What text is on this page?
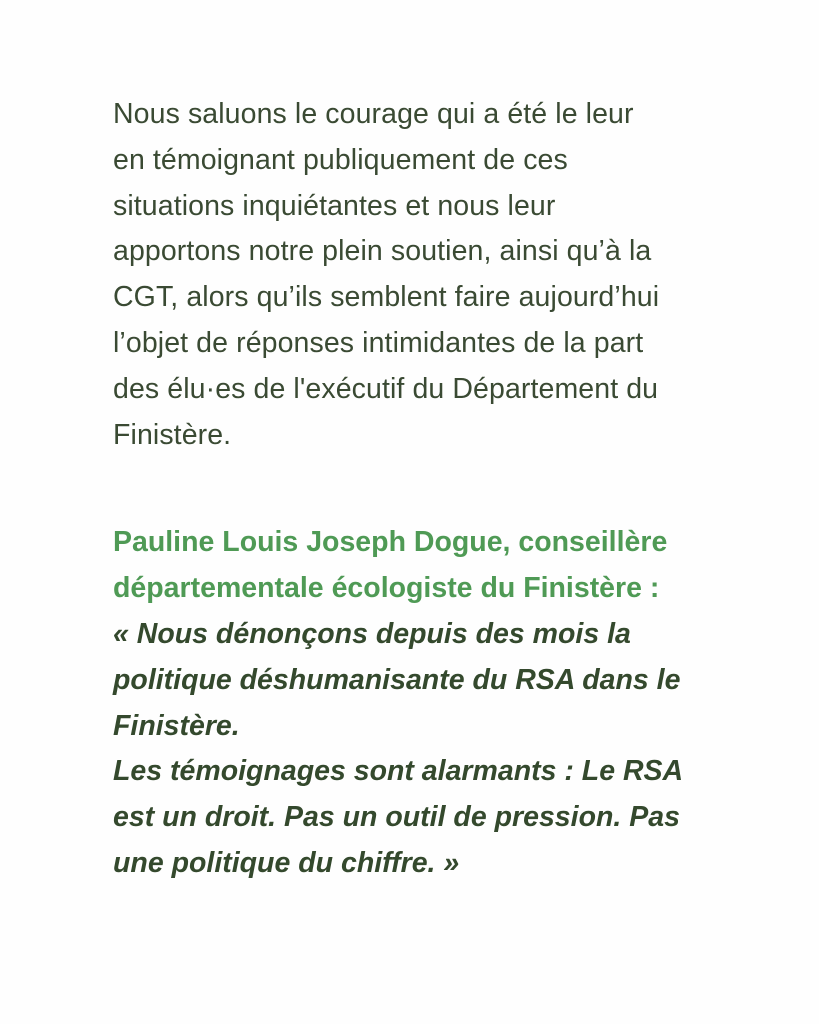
Nous saluons le courage qui a été le leur
en témoignant publiquement de ces
situations inquiétantes et nous leur
apportons notre plein soutien, ainsi qu’à la
CGT, alors qu’ils semblent faire aujourd’hui
l’objet de réponses intimidantes de la part
des élu·es de l'exécutif du Département du
Finistère.

Pauline Louis Joseph Dogue, conseillère
départementale écologiste du Finistère :

« Nous dénonçons depuis des mois la
politique déshumanisante du RSA dans le
Finistère.
Les témoignages sont alarmants : Le RSA
est un droit. Pas un outil de pression. Pas
une politique du chiffre. »
